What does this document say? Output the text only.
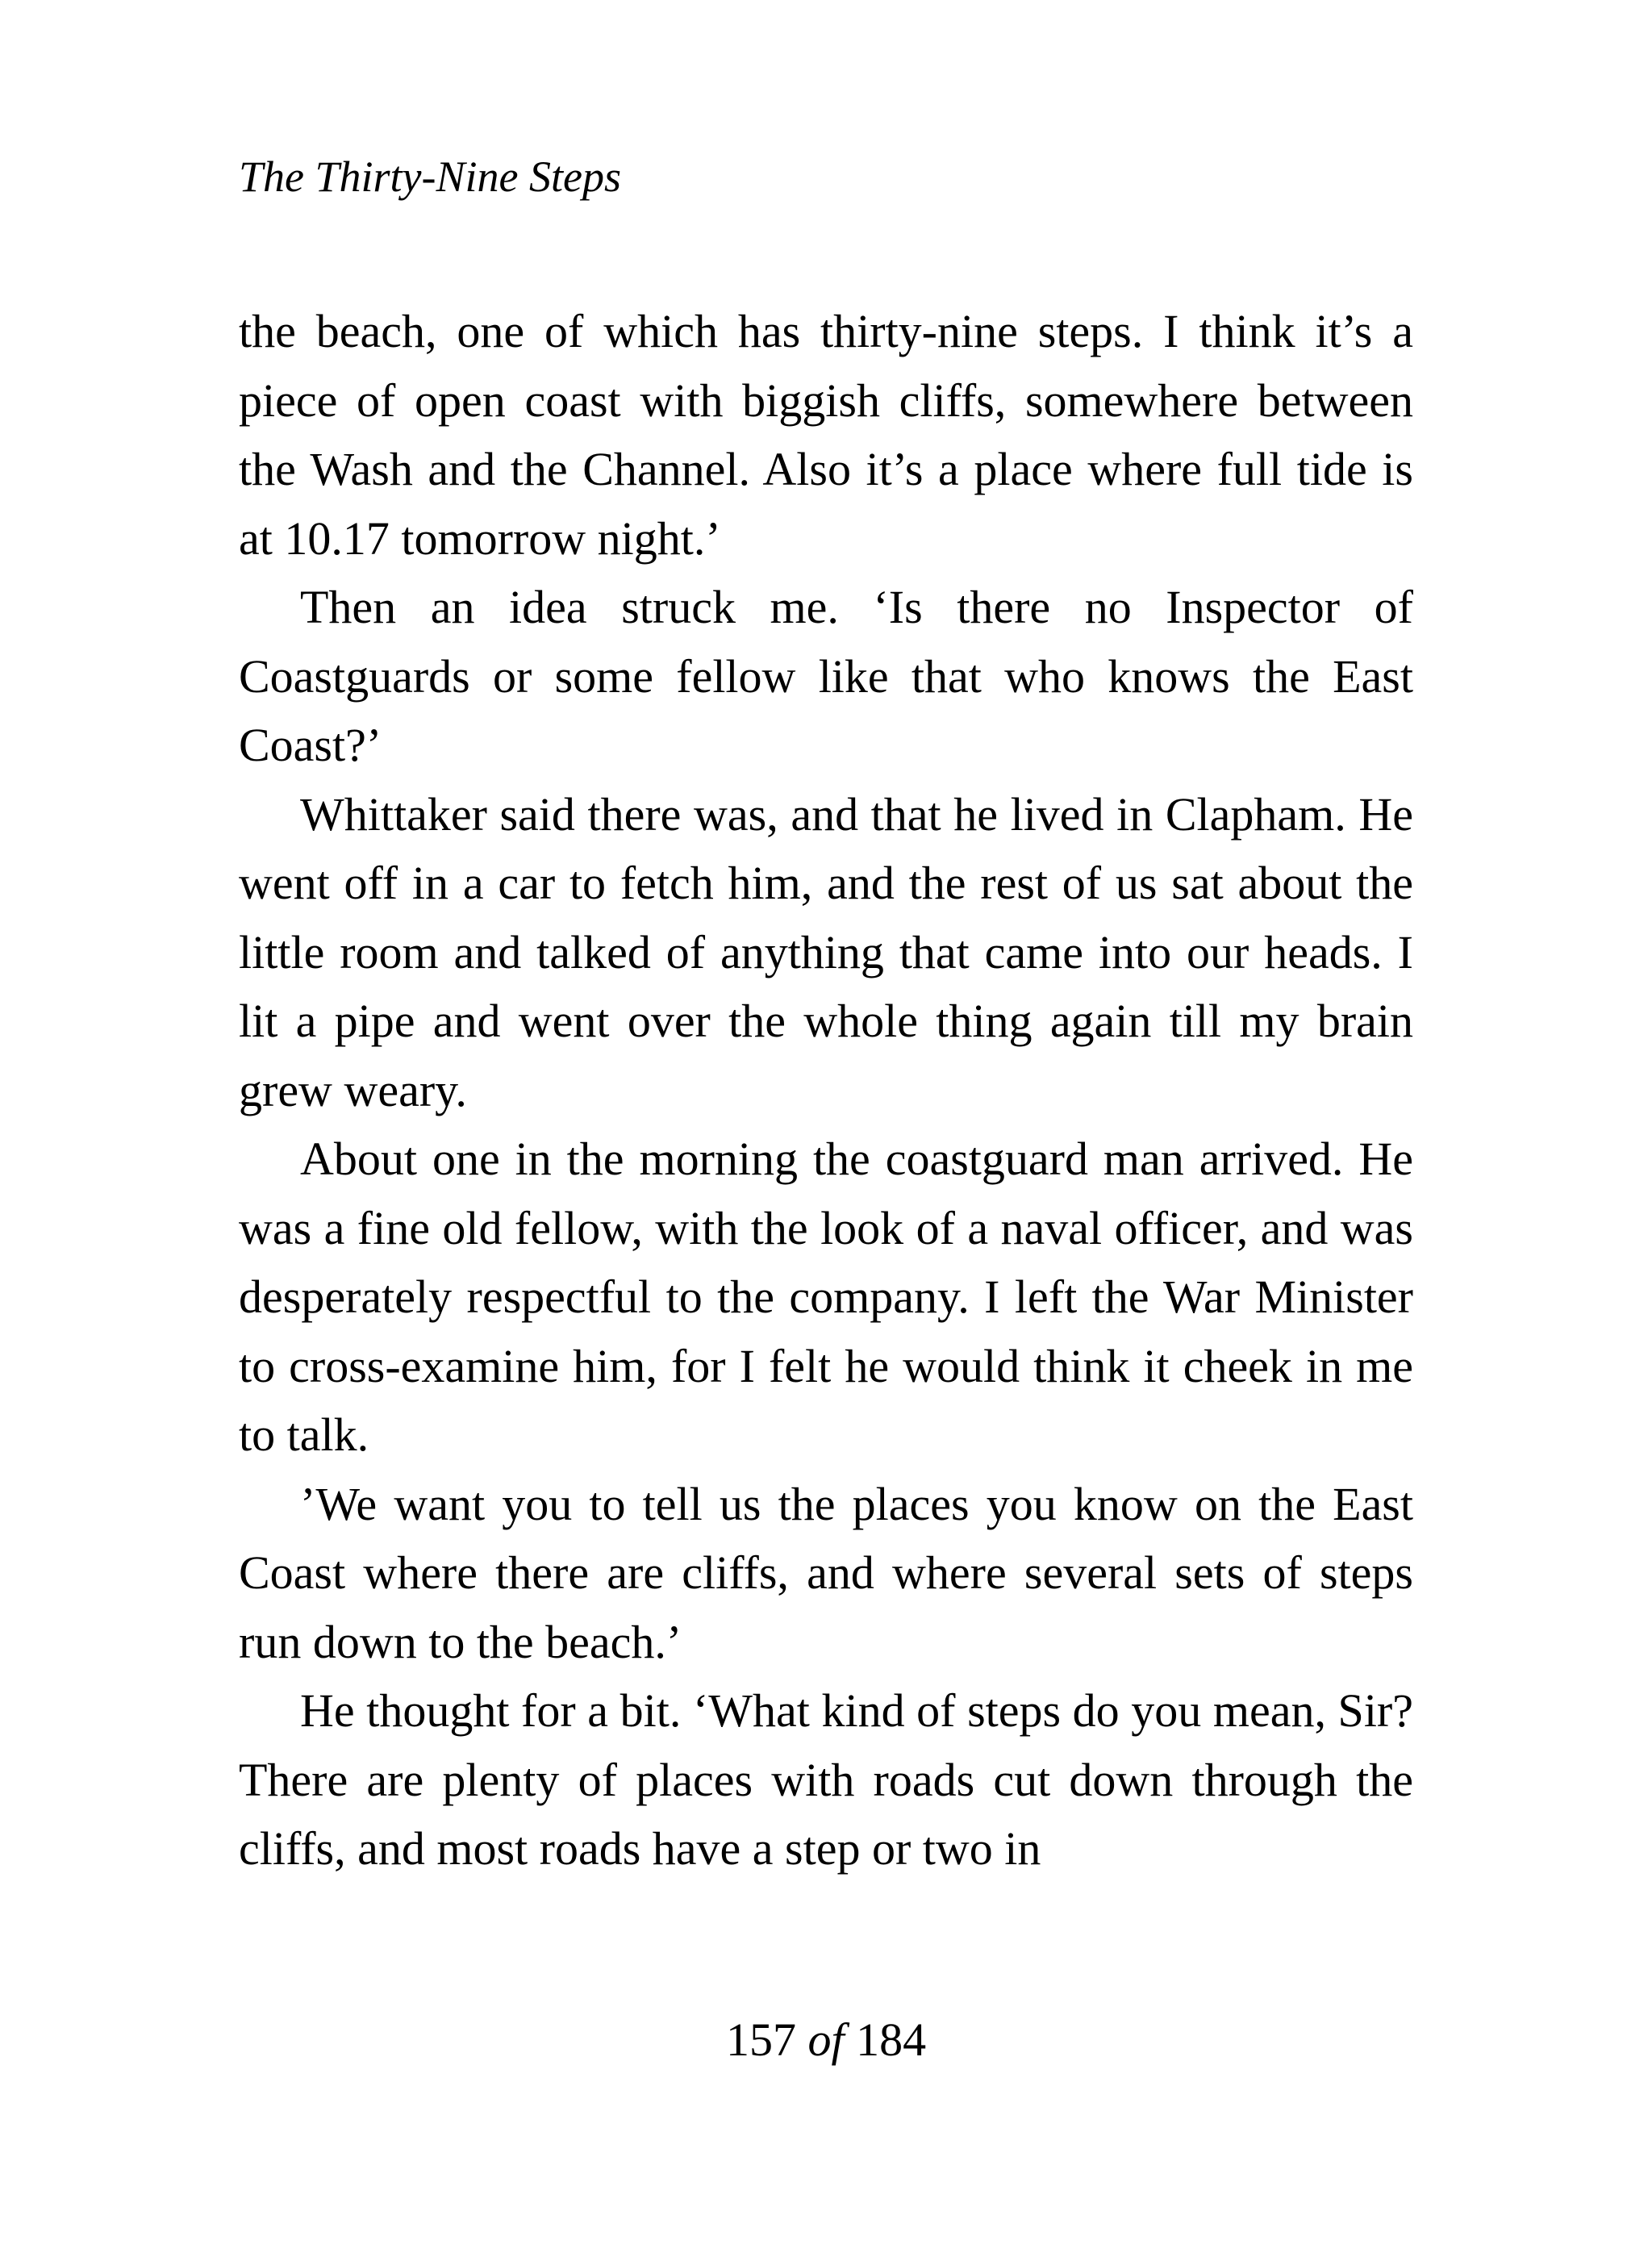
The Thirty-Nine Steps

the beach, one of which has thirty-nine steps. I think it’s a piece of open coast with biggish cliffs, somewhere between the Wash and the Channel. Also it’s a place where full tide is at 10.17 tomorrow night.’

Then an idea struck me. ‘Is there no Inspector of Coastguards or some fellow like that who knows the East Coast?’

Whittaker said there was, and that he lived in Clapham. He went off in a car to fetch him, and the rest of us sat about the little room and talked of anything that came into our heads. I lit a pipe and went over the whole thing again till my brain grew weary.

About one in the morning the coastguard man arrived. He was a fine old fellow, with the look of a naval officer, and was desperately respectful to the company. I left the War Minister to cross-examine him, for I felt he would think it cheek in me to talk.

’We want you to tell us the places you know on the East Coast where there are cliffs, and where several sets of steps run down to the beach.’

He thought for a bit. ‘What kind of steps do you mean, Sir? There are plenty of places with roads cut down through the cliffs, and most roads have a step or two in

157 of 184
